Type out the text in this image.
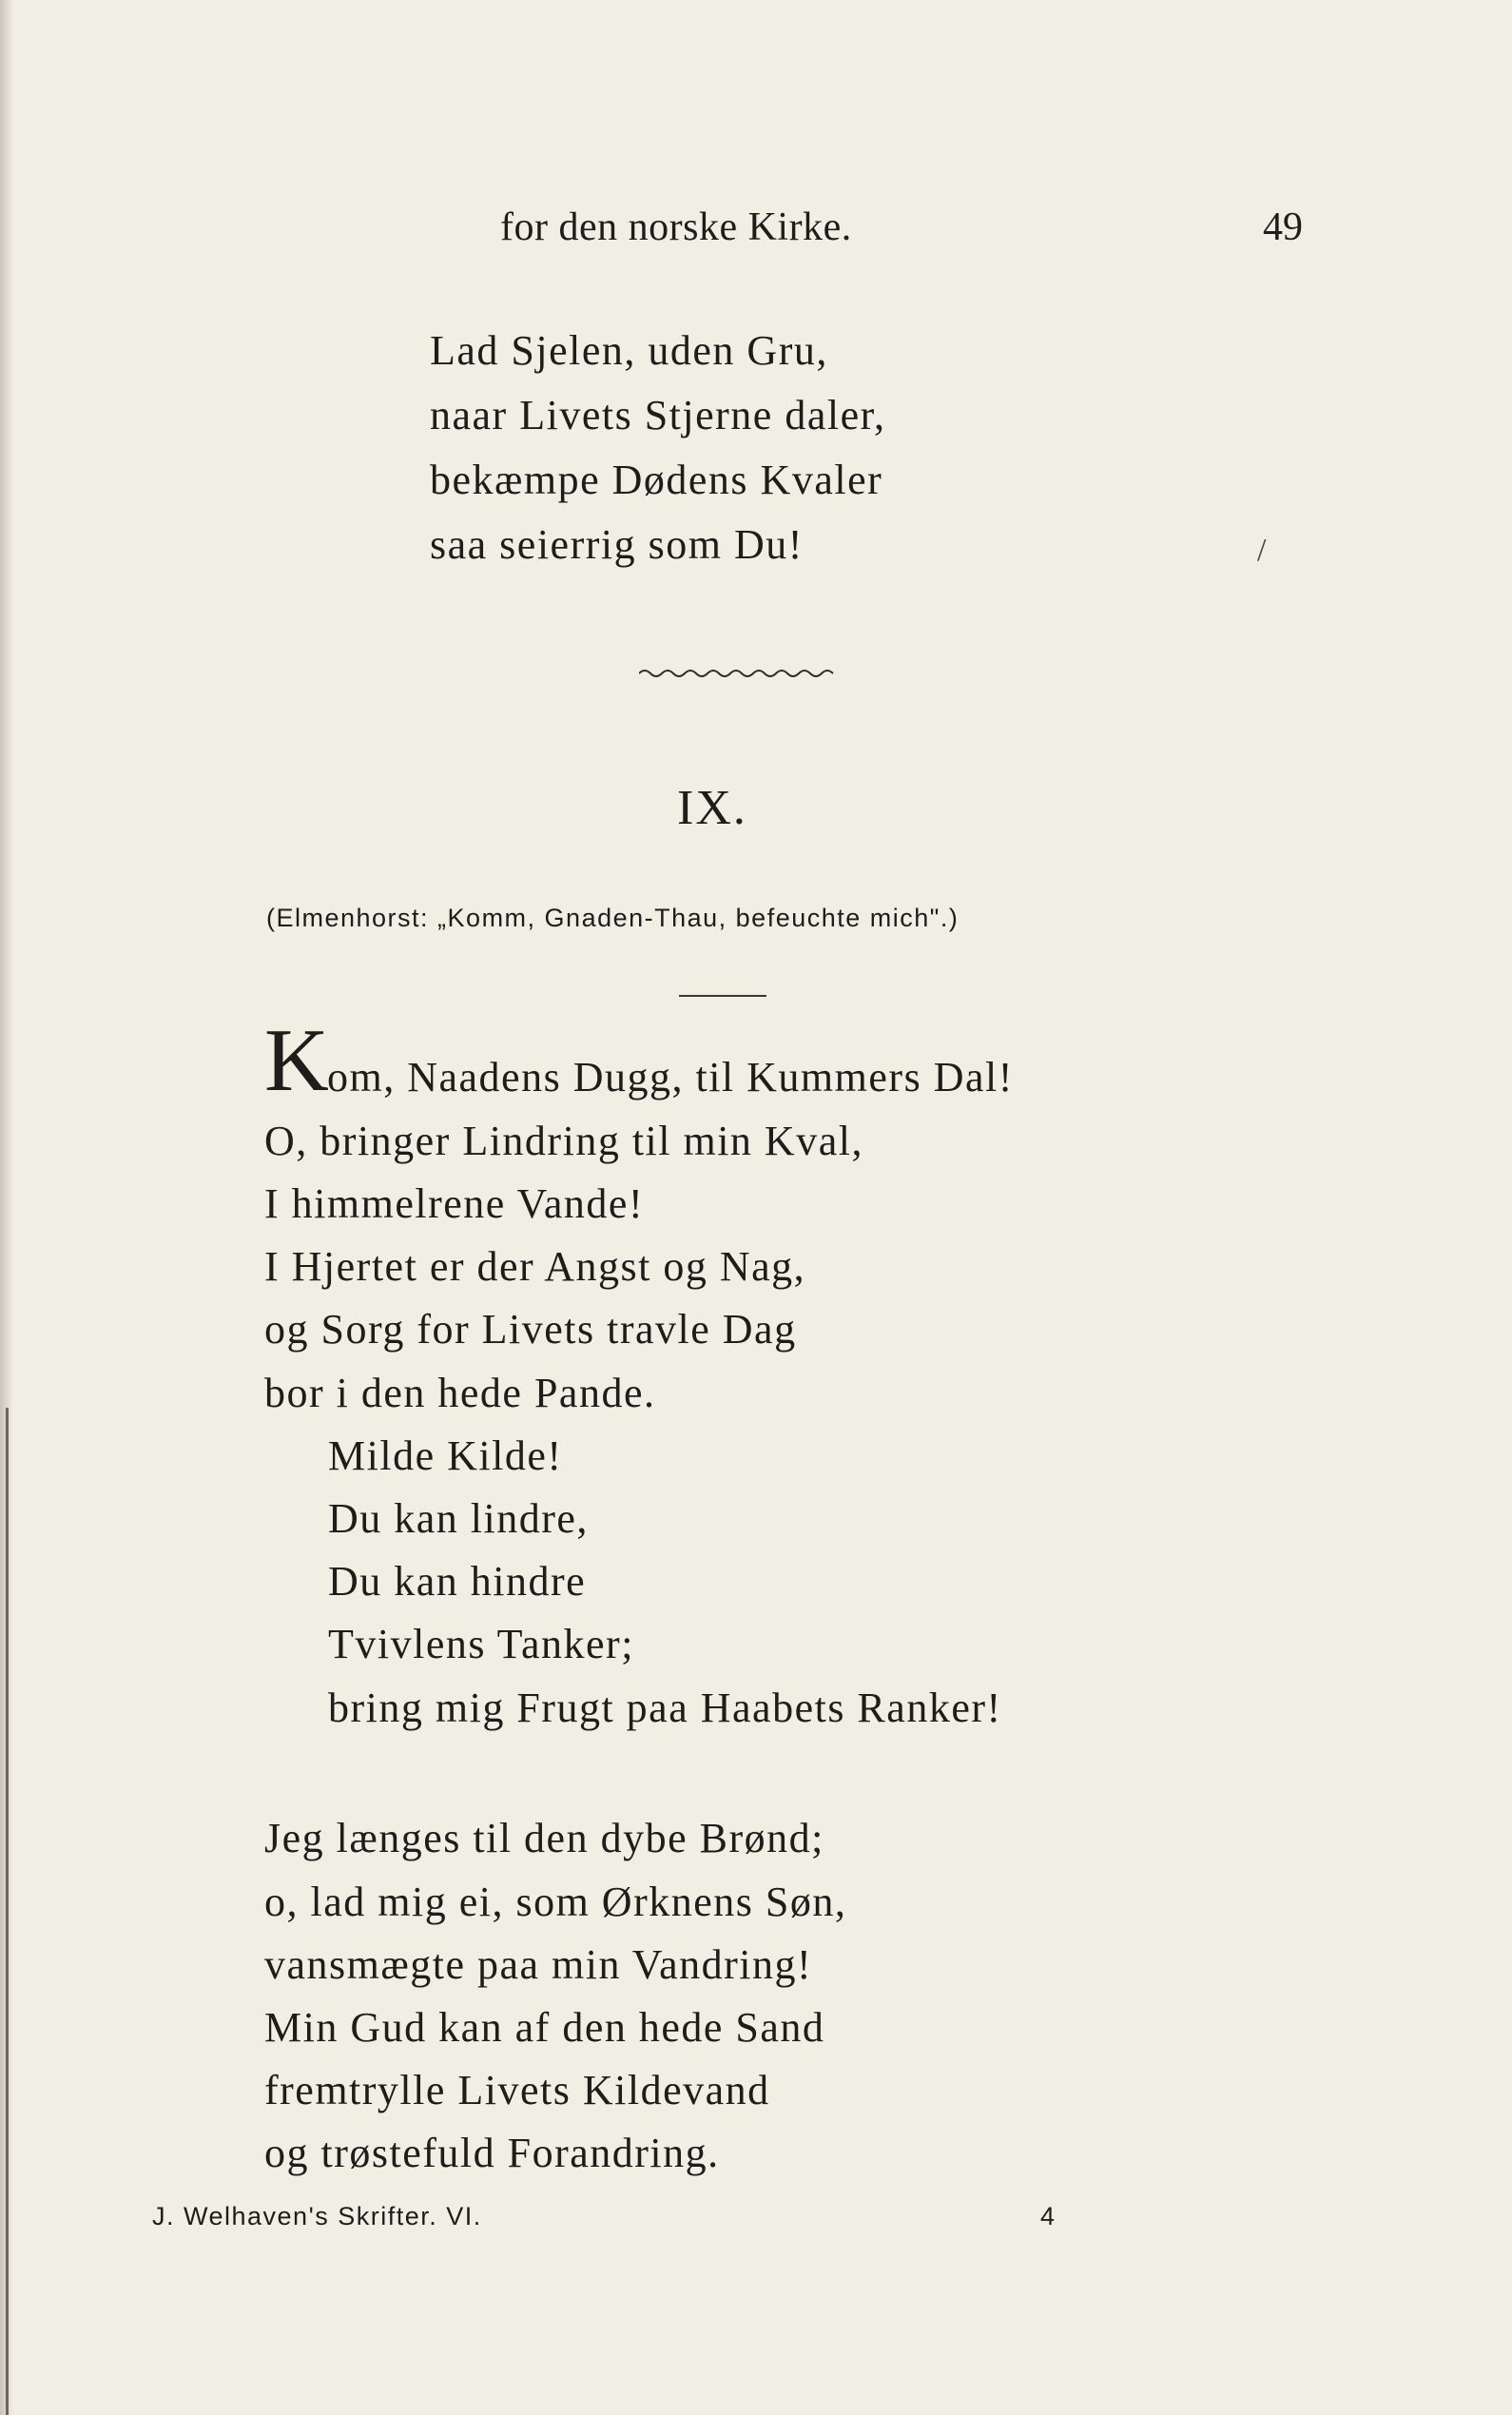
for den norske Kirke.	49
Lad Sjelen, uden Gru,
naar Livets Stjerne daler,
bekæmpe Dødens Kvaler
saa seierrig som Du!	/
IX.
(Elmenhorst: „Komm, Gnaden-Thau, befeuchte mich".)
K
om, Naadens Dugg, til Kummers Dal!
O, bringer Lindring til min Kval,
I himmelrene Vande!
I Hjertet er der Angst og Nag,
og Sorg for Livets travle Dag
bor i den hede Pande.
Milde Kilde!
Du kan lindre,
Du kan hindre
Tvivlens Tanker;
bring mig Frugt paa Haabets Ranker!
Jeg længes til den dybe Brønd;
o, lad mig ei, som Ørknens Søn,
vansmægte paa min Vandring!
Min Gud kan af den hede Sand
fremtrylle Livets Kildevand
og trøstefuld Forandring.
J. Welhaven's Skrifter. VI.	4
